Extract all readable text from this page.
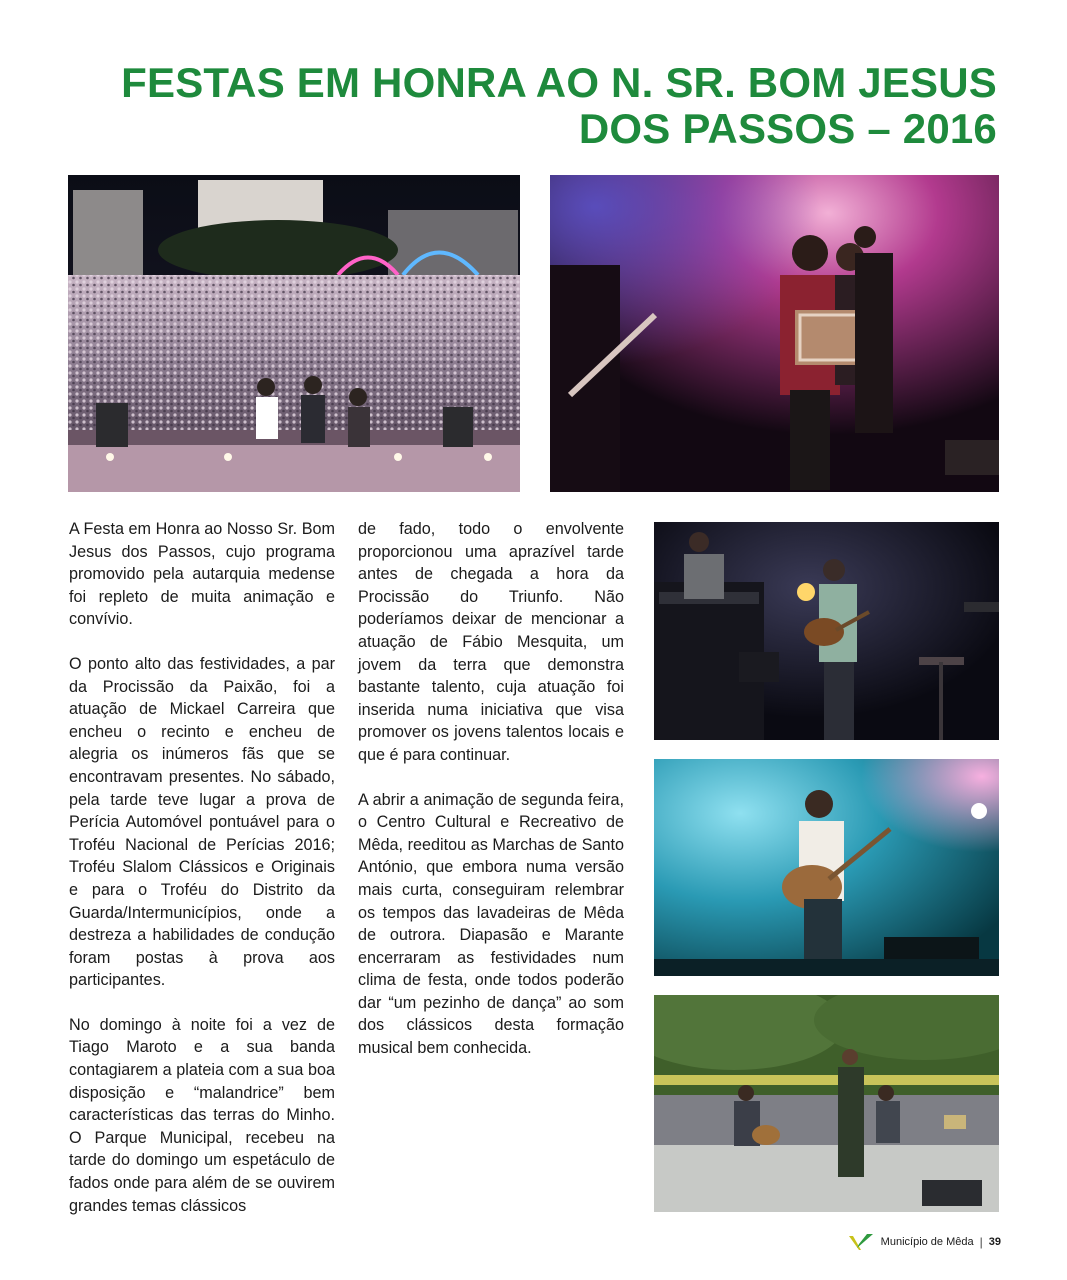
FESTAS EM HONRA AO N. SR. BOM JESUS
DOS PASSOS – 2016

A Festa em Honra ao Nosso Sr. Bom Jesus dos Passos, cujo programa promovido pela autarquia medense foi repleto de muita animação e convívio.

O ponto alto das festividades, a par da Procissão da Paixão, foi a atuação de Mickael Carreira que encheu o recinto e encheu de alegria os inúmeros fãs que se encontravam presentes. No sábado, pela tarde teve lugar a prova de Perícia Automóvel pontuável para o Troféu Nacional de Perícias 2016; Troféu Slalom Clássicos e Originais e para o Troféu do Distrito da Guarda/Intermunicípios, onde a destreza a habilidades de condução foram postas à prova aos participantes.

No domingo à noite foi a vez de Tiago Maroto e a sua banda contagiarem a plateia com a sua boa disposição e “malandrice” bem características das terras do Minho. O Parque Municipal, recebeu na tarde do domingo um espetáculo de fados onde para além de se ouvirem grandes temas clássicos

de fado, todo o envolvente proporcionou uma aprazível tarde antes de chegada a hora da Procissão do Triunfo. Não poderíamos deixar de mencionar a atuação de Fábio Mesquita, um jovem da terra que demonstra bastante talento, cuja atuação foi inserida numa iniciativa que visa promover os jovens talentos locais e que é para continuar.

A abrir a animação de segunda feira, o Centro Cultural e Recreativo de Mêda, reeditou as Marchas de Santo António, que embora numa versão mais curta, conseguiram relembrar os tempos das lavadeiras de Mêda de outrora. Diapasão e Marante encerraram as festividades num clima de festa, onde todos poderão dar “um pezinho de dança” ao som dos clássicos desta formação musical bem conhecida.

Município de Mêda | 39
